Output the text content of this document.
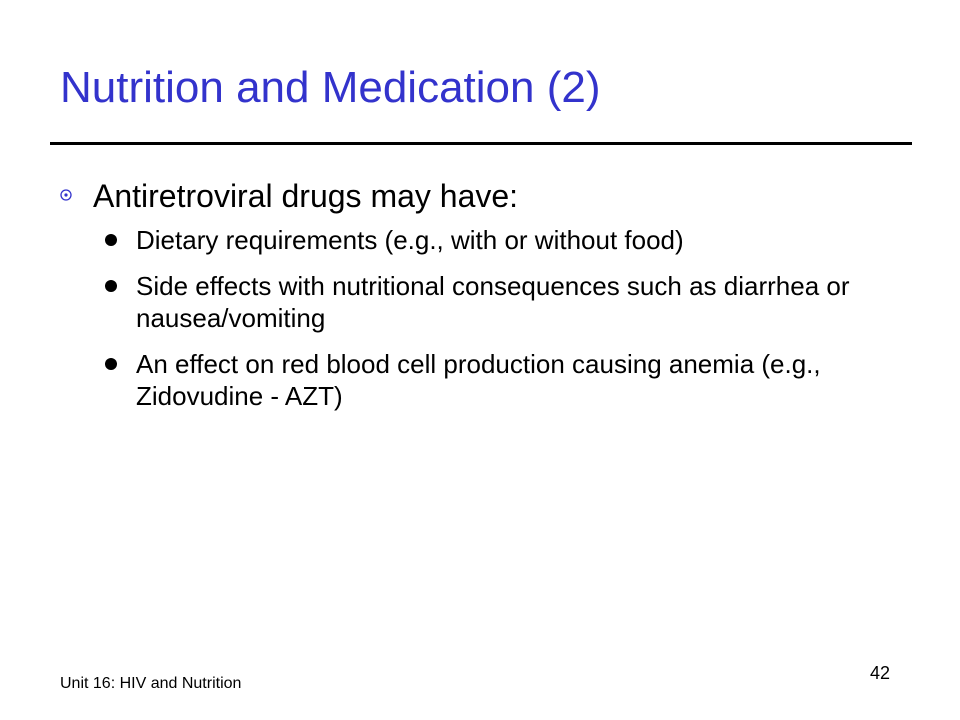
Nutrition and Medication (2)
Antiretroviral drugs may have:
Dietary requirements (e.g., with or without food)
Side effects with nutritional consequences such as diarrhea or nausea/vomiting
An effect on red blood cell production causing anemia (e.g., Zidovudine - AZT)
Unit 16: HIV and Nutrition
42
